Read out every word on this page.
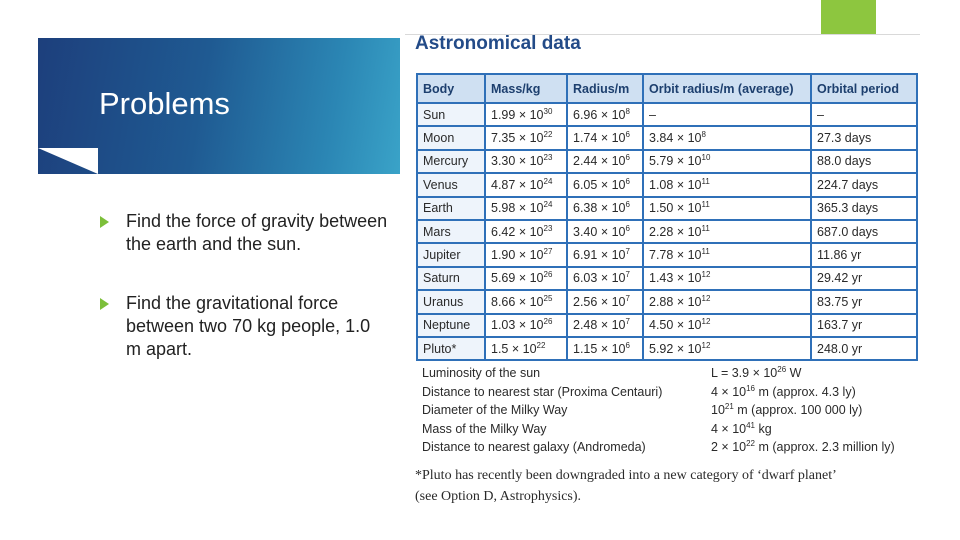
Problems
Find the force of gravity between the earth and the sun.
Find the gravitational force between two 70 kg people, 1.0 m apart.
Astronomical data
Body	Mass/kg	Radius/m	Orbit radius/m (average)	Orbital period
Sun	$1.99 \times 10^{30}$	$6.96 \times 10^8$	–	–
Moon	$7.35 \times 10^{22}$	$1.74 \times 10^6$	$3.84 \times 10^8$	27.3 days
Mercury	$3.30 \times 10^{23}$	$2.44 \times 10^6$	$5.79 \times 10^{10}$	88.0 days
Venus	$4.87 \times 10^{24}$	$6.05 \times 10^6$	$1.08 \times 10^{11}$	224.7 days
Earth	$5.98 \times 10^{24}$	$6.38 \times 10^6$	$1.50 \times 10^{11}$	365.3 days
Mars	$6.42 \times 10^{23}$	$3.40 \times 10^6$	$2.28 \times 10^{11}$	687.0 days
Jupiter	$1.90 \times 10^{27}$	$6.91 \times 10^7$	$7.78 \times 10^{11}$	11.86 yr
Saturn	$5.69 \times 10^{26}$	$6.03 \times 10^7$	$1.43 \times 10^{12}$	29.42 yr
Uranus	$8.66 \times 10^{25}$	$2.56 \times 10^7$	$2.88 \times 10^{12}$	83.75 yr
Neptune	$1.03 \times 10^{26}$	$2.48 \times 10^7$	$4.50 \times 10^{12}$	163.7 yr
Pluto*	$1.5 \times 10^{22}$	$1.15 \times 10^6$	$5.92 \times 10^{12}$	248.0 yr
Luminosity of the sun	$L = 3.9 \times 10^{26}$ W
Distance to nearest star (Proxima Centauri)	$4 \times 10^{16}$ m (approx. 4.3 ly)
Diameter of the Milky Way	$10^{21}$ m (approx. 100 000 ly)
Mass of the Milky Way	$4 \times 10^{41}$ kg
Distance to nearest galaxy (Andromeda)	$2 \times 10^{22}$ m (approx. 2.3 million ly)
*Pluto has recently been downgraded into a new category of ‘dwarf planet’ (see Option D, Astrophysics).
